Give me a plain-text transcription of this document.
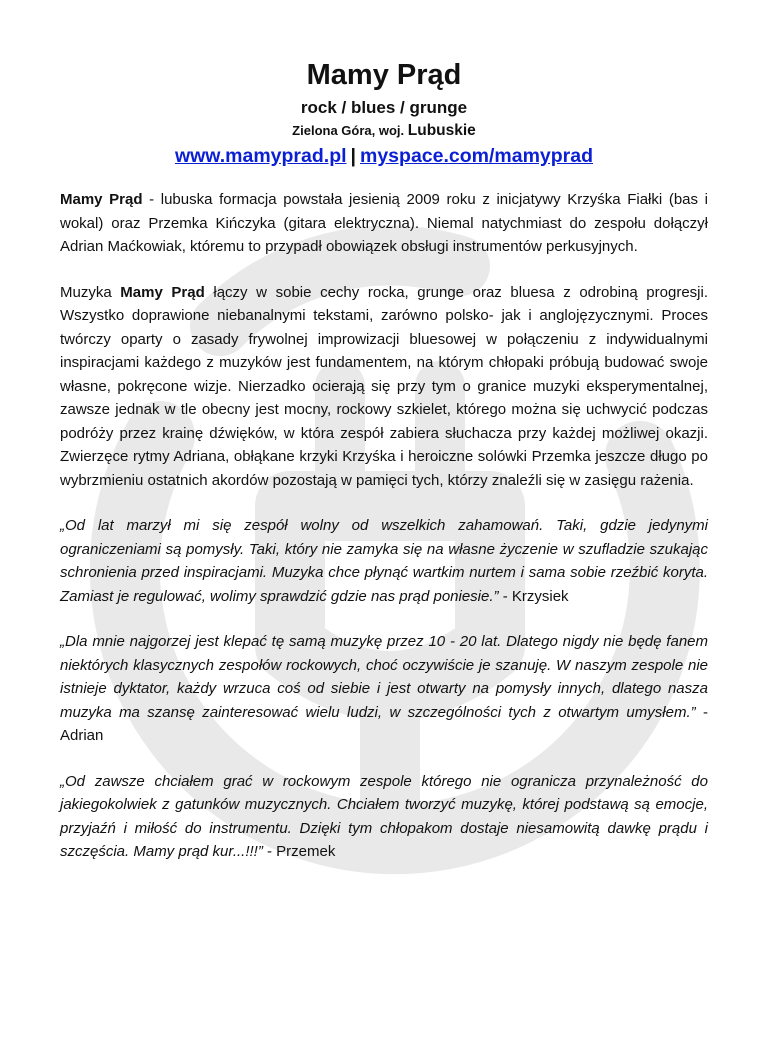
Mamy Prąd
rock / blues / grunge
Zielona Góra, woj. Lubuskie
www.mamyprad.pl | myspace.com/mamyprad

Mamy Prąd - lubuska formacja powstała jesienią 2009 roku z inicjatywy Krzyśka Fiałki (bas i wokal) oraz Przemka Kińczyka (gitara elektryczna). Niemal natychmiast do zespołu dołączył Adrian Maćkowiak, któremu to przypadł obowiązek obsługi instrumentów perkusyjnych.

Muzyka Mamy Prąd łączy w sobie cechy rocka, grunge oraz bluesa z odrobiną progresji. Wszystko doprawione niebanalnymi tekstami, zarówno polsko- jak i anglojęzycznymi. Proces twórczy oparty o zasady frywolnej improwizacji bluesowej w połączeniu z indywidualnymi inspiracjami każdego z muzyków jest fundamentem, na którym chłopaki próbują budować swoje własne, pokręcone wizje. Nierzadko ocierają się przy tym o granice muzyki eksperymentalnej, zawsze jednak w tle obecny jest mocny, rockowy szkielet, którego można się uchwycić podczas podróży przez krainę dźwięków, w która zespół zabiera słuchacza przy każdej możliwej okazji. Zwierzęce rytmy Adriana, obłąkane krzyki Krzyśka i heroiczne solówki Przemka jeszcze długo po wybrzmieniu ostatnich akordów pozostają w pamięci tych, którzy znaleźli się w zasięgu rażenia.

„Od lat marzył mi się zespół wolny od wszelkich zahamowań. Taki, gdzie jedynymi ograniczeniami są pomysły. Taki, który nie zamyka się na własne życzenie w szufladzie szukając schronienia przed inspiracjami. Muzyka chce płynąć wartkim nurtem i sama sobie rzeźbić koryta. Zamiast je regulować, wolimy sprawdzić gdzie nas prąd poniesie.” - Krzysiek

„Dla mnie najgorzej jest klepać tę samą muzykę przez 10 - 20 lat. Dlatego nigdy nie będę fanem niektórych klasycznych zespołów rockowych, choć oczywiście je szanuję. W naszym zespole nie istnieje dyktator, każdy wrzuca coś od siebie i jest otwarty na pomysły innych, dlatego nasza muzyka ma szansę zainteresować wielu ludzi, w szczególności tych z otwartym umysłem.” - Adrian

„Od zawsze chciałem grać w rockowym zespole którego nie ogranicza przynależność do jakiegokolwiek z gatunków muzycznych. Chciałem tworzyć muzykę, której podstawą są emocje, przyjaźń i miłość do instrumentu. Dzięki tym chłopakom dostaje niesamowitą dawkę prądu i szczęścia. Mamy prąd kur...!!!” - Przemek
